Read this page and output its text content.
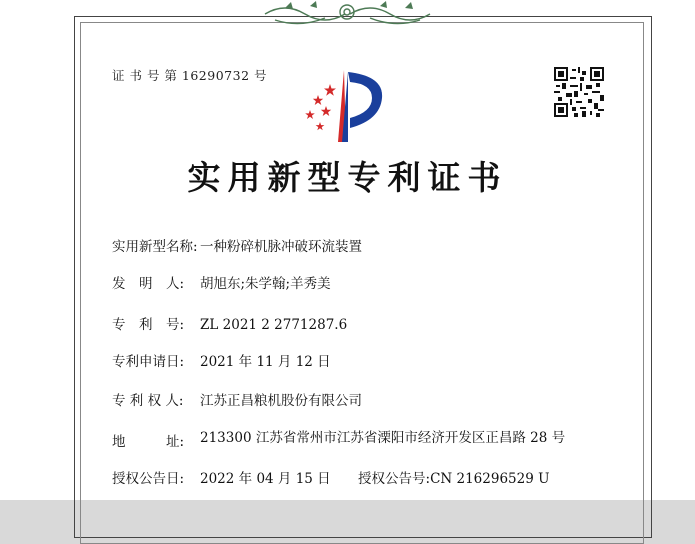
证 书 号 第 16290732 号
实用新型专利证书
实用新型名称: 一种粉碎机脉冲破环流装置
发　明　人: 胡旭东;朱学翰;羊秀美
专　利　号: ZL 2021 2 2771287.6
专利申请日: 2021 年 11 月 12 日
专 利 权 人: 江苏正昌粮机股份有限公司
地　　　址: 213300 江苏省常州市江苏省溧阳市经济开发区正昌路 28 号
授权公告日: 2022 年 04 月 15 日 授权公告号:CN 216296529 U
